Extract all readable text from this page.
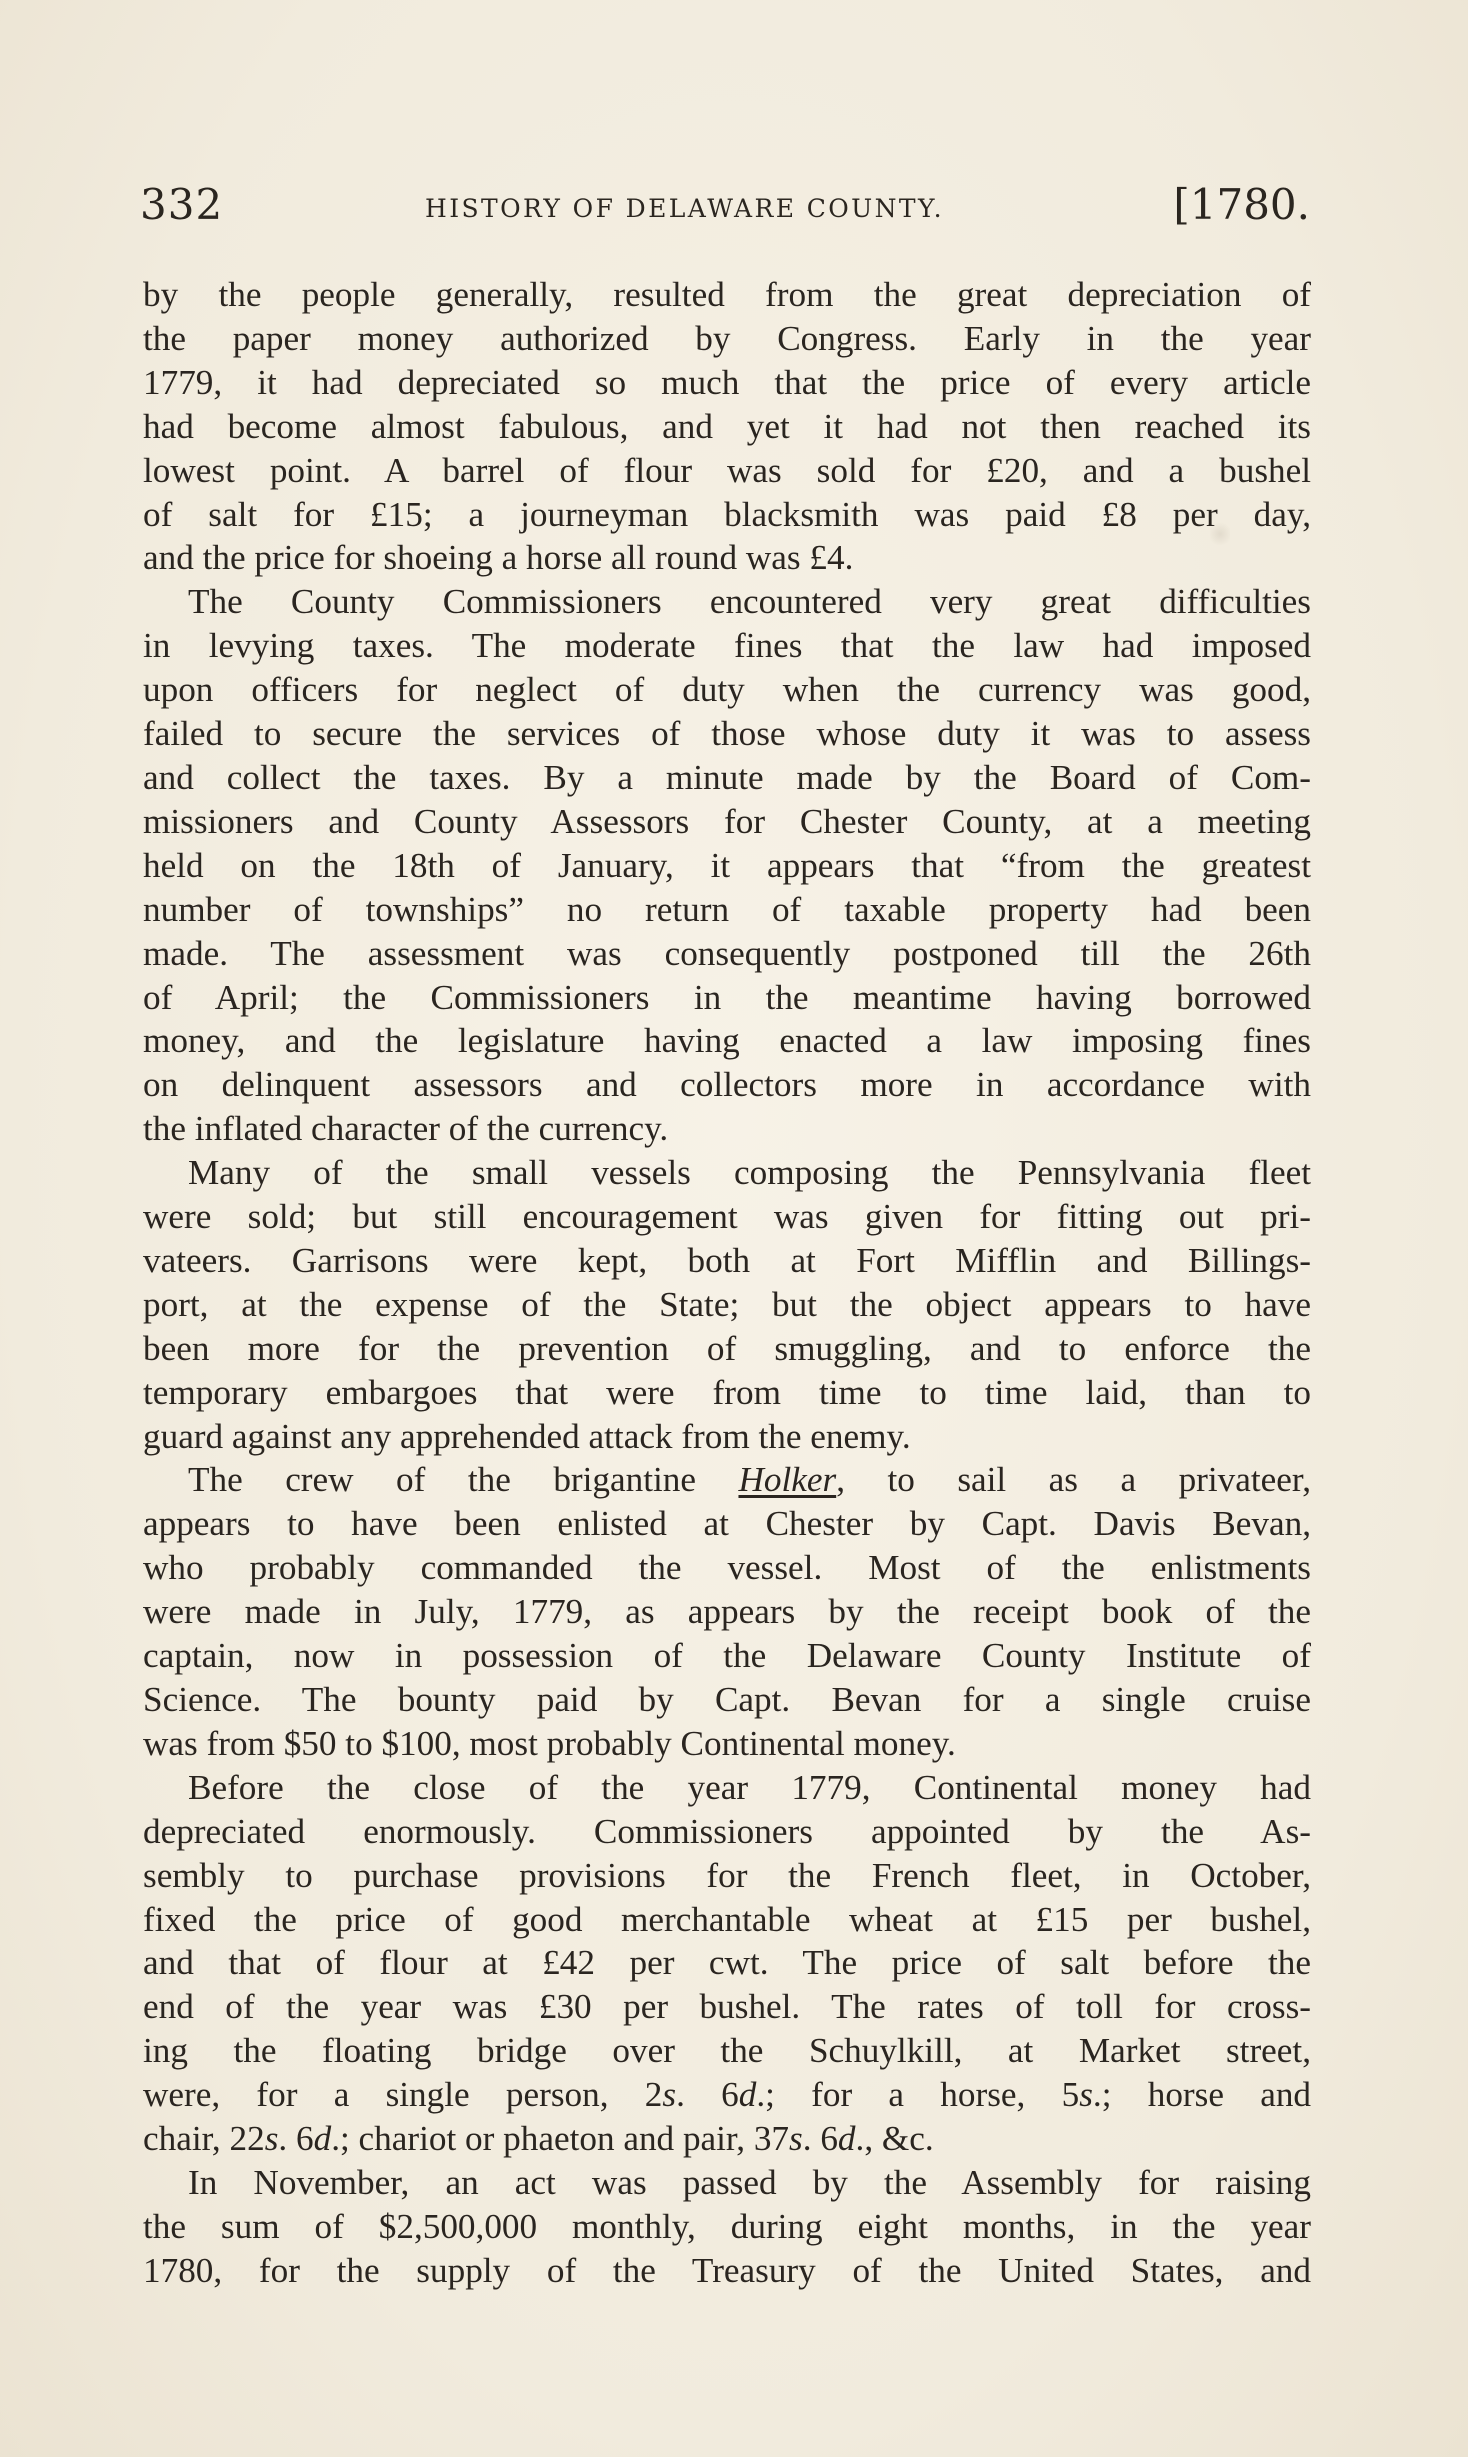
332	HISTORY OF DELAWARE COUNTY.	[1780.

by the people generally, resulted from the great depreciation of
the paper money authorized by Congress. Early in the year
1779, it had depreciated so much that the price of every article
had become almost fabulous, and yet it had not then reached its
lowest point. A barrel of flour was sold for £20, and a bushel
of salt for £15; a journeyman blacksmith was paid £8 per day,
and the price for shoeing a horse all round was £4.

The County Commissioners encountered very great difficulties
in levying taxes. The moderate fines that the law had imposed
upon officers for neglect of duty when the currency was good,
failed to secure the services of those whose duty it was to assess
and collect the taxes. By a minute made by the Board of Com-
missioners and County Assessors for Chester County, at a meeting
held on the 18th of January, it appears that “from the greatest
number of townships” no return of taxable property had been
made. The assessment was consequently postponed till the 26th
of April; the Commissioners in the meantime having borrowed
money, and the legislature having enacted a law imposing fines
on delinquent assessors and collectors more in accordance with
the inflated character of the currency.

Many of the small vessels composing the Pennsylvania fleet
were sold; but still encouragement was given for fitting out pri-
vateers. Garrisons were kept, both at Fort Mifflin and Billings-
port, at the expense of the State; but the object appears to have
been more for the prevention of smuggling, and to enforce the
temporary embargoes that were from time to time laid, than to
guard against any apprehended attack from the enemy.

The crew of the brigantine Holker, to sail as a privateer,
appears to have been enlisted at Chester by Capt. Davis Bevan,
who probably commanded the vessel. Most of the enlistments
were made in July, 1779, as appears by the receipt book of the
captain, now in possession of the Delaware County Institute of
Science. The bounty paid by Capt. Bevan for a single cruise
was from $50 to $100, most probably Continental money.

Before the close of the year 1779, Continental money had
depreciated enormously. Commissioners appointed by the As-
sembly to purchase provisions for the French fleet, in October,
fixed the price of good merchantable wheat at £15 per bushel,
and that of flour at £42 per cwt. The price of salt before the
end of the year was £30 per bushel. The rates of toll for cross-
ing the floating bridge over the Schuylkill, at Market street,
were, for a single person, 2s. 6d.; for a horse, 5s.; horse and
chair, 22s. 6d.; chariot or phaeton and pair, 37s. 6d., &c.

In November, an act was passed by the Assembly for raising
the sum of $2,500,000 monthly, during eight months, in the year
1780, for the supply of the Treasury of the United States, and
